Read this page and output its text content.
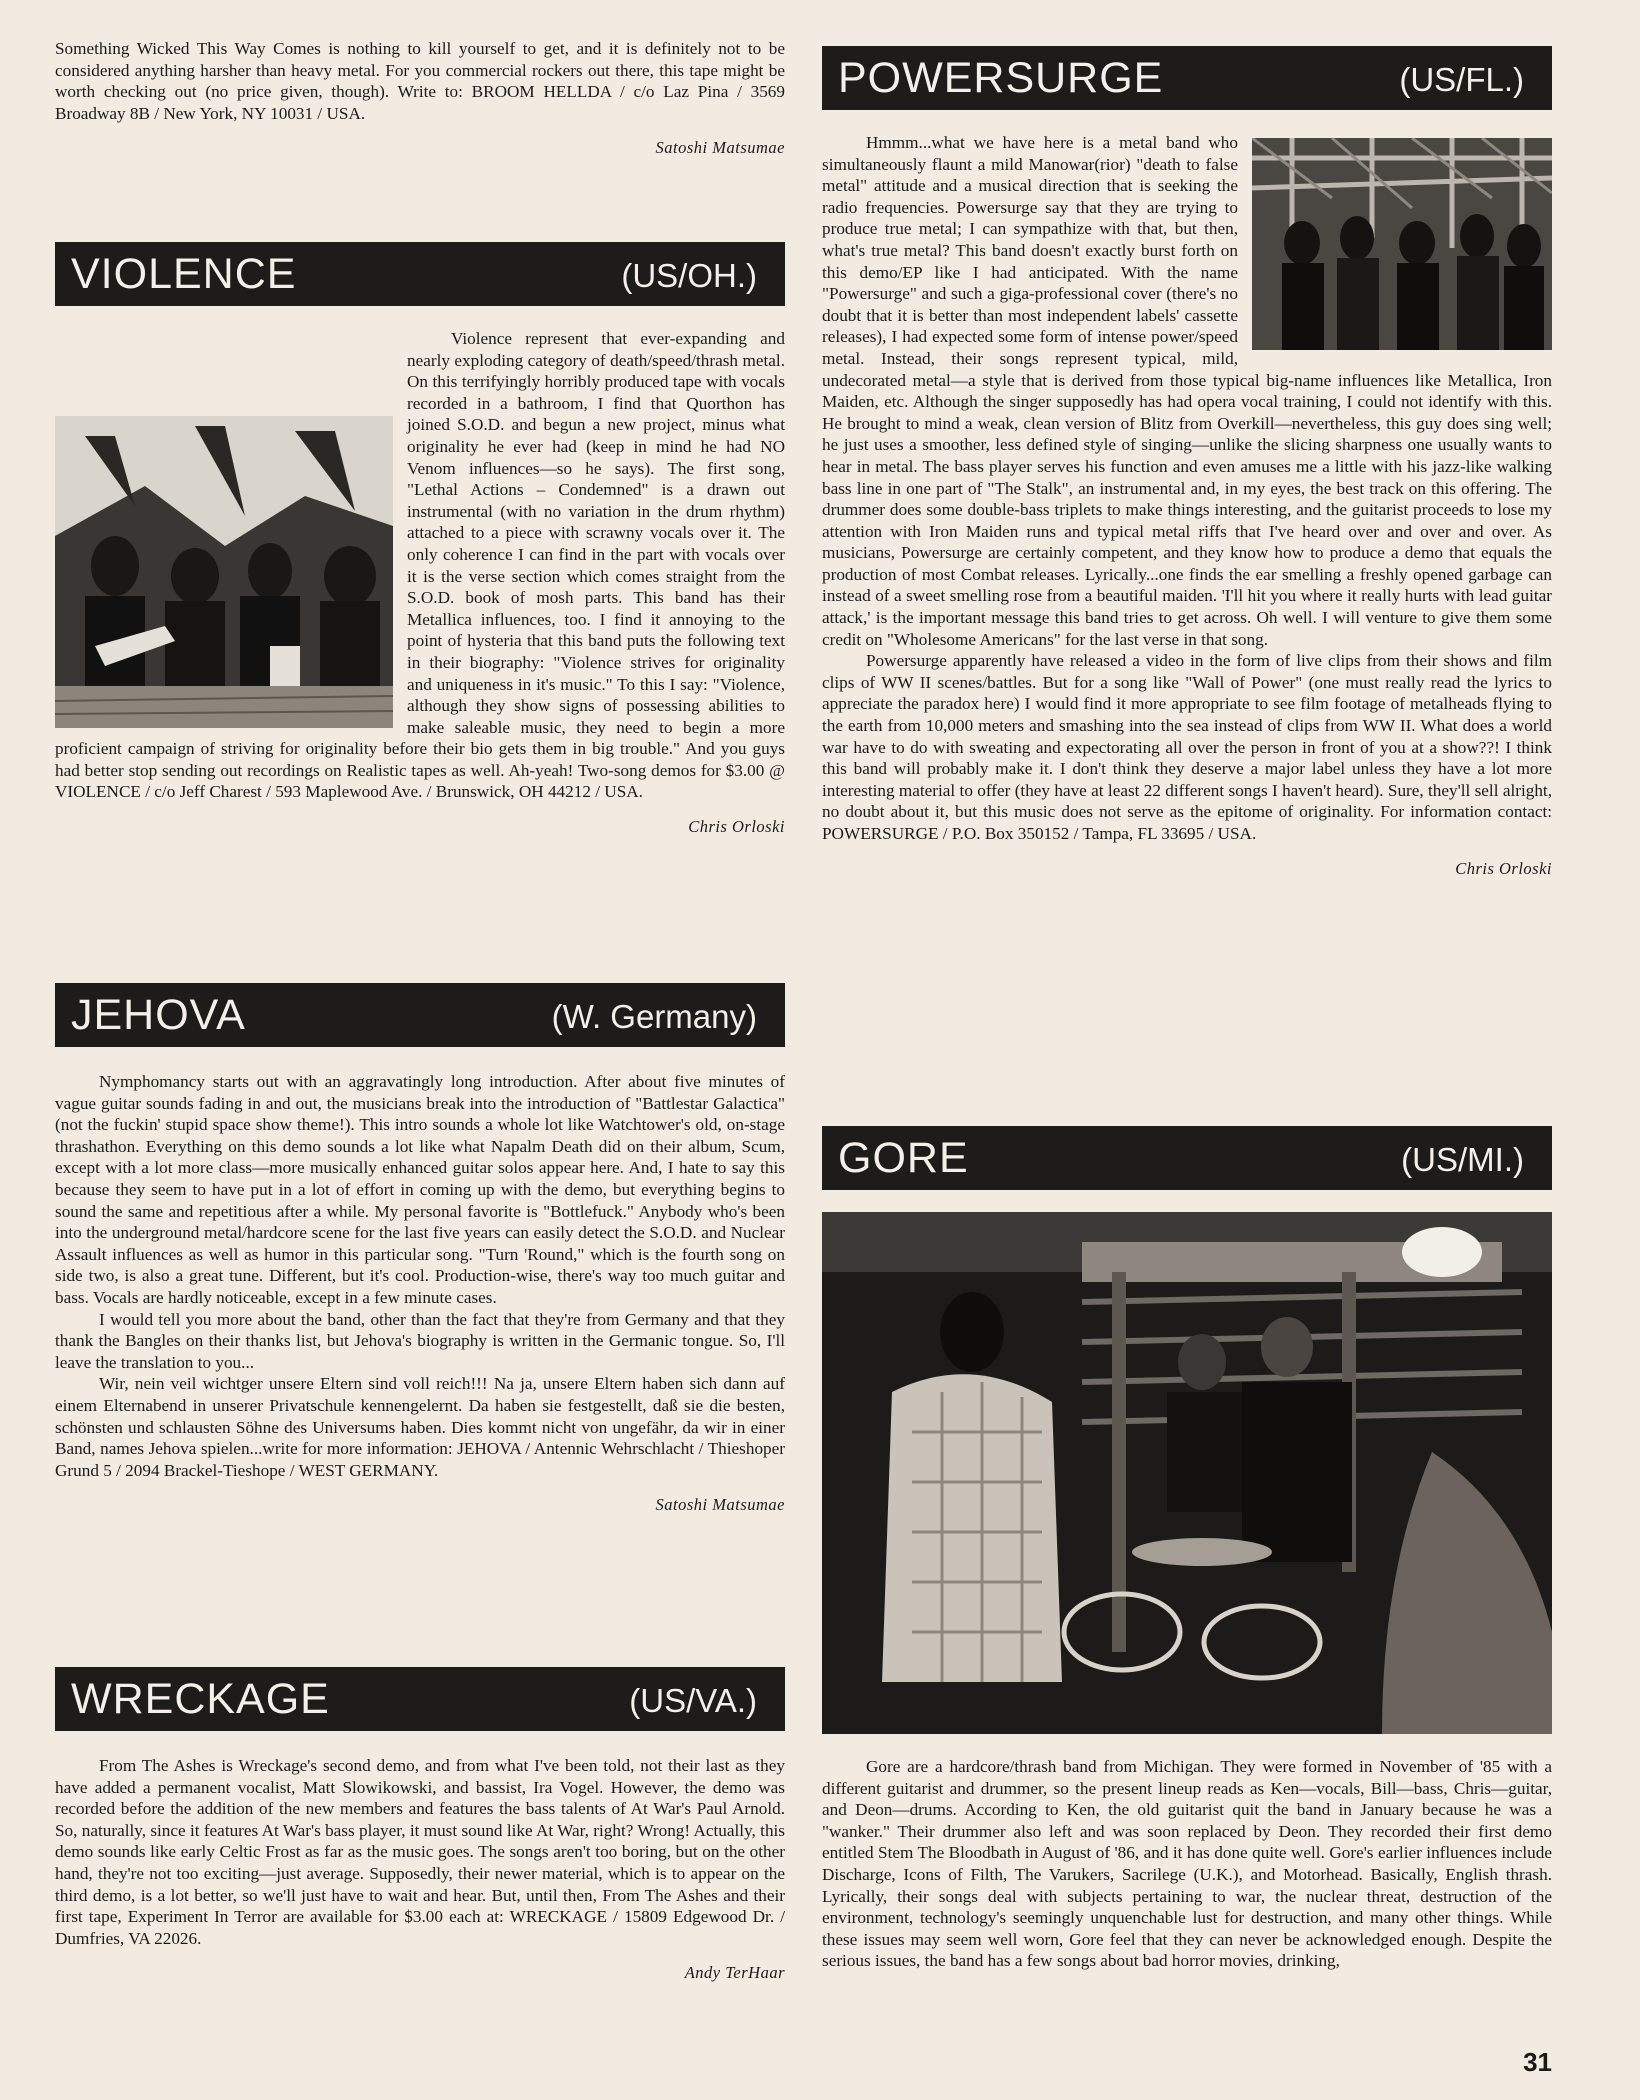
Something Wicked This Way Comes is nothing to kill yourself to get, and it is definitely not to be considered anything harsher than heavy metal. For you commercial rockers out there, this tape might be worth checking out (no price given, though). Write to: BROOM HELLDA / c/o Laz Pina / 3569 Broadway 8B / New York, NY 10031 / USA.

Satoshi Matsumae
VIOLENCE	(US/OH.)

Violence represent that ever-expanding and nearly exploding category of death/speed/thrash metal. On this terrifyingly horribly produced tape with vocals recorded in a bathroom, I find that Quorthon has joined S.O.D. and begun a new project, minus what originality he ever had (keep in mind he had NO Venom influences—so he says). The first song, "Lethal Actions – Condemned" is a drawn out instrumental (with no variation in the drum rhythm) attached to a piece with scrawny vocals over it. The only coherence I can find in the part with vocals over it is the verse section which comes straight from the S.O.D. book of mosh parts. This band has their Metallica influences, too. I find it annoying to the point of hysteria that this band puts the following text in their biography: "Violence strives for originality and uniqueness in it's music." To this I say: "Violence, although they show signs of possessing abilities to make saleable music, they need to begin a more proficient campaign of striving for originality before their bio gets them in big trouble." And you guys had better stop sending out recordings on Realistic tapes as well. Ah-yeah! Two-song demos for $3.00 @ VIOLENCE / c/o Jeff Charest / 593 Maplewood Ave. / Brunswick, OH 44212 / USA.

Chris Orloski
JEHOVA	(W. Germany)

Nymphomancy starts out with an aggravatingly long introduction. After about five minutes of vague guitar sounds fading in and out, the musicians break into the introduction of "Battlestar Galactica" (not the fuckin' stupid space show theme!). This intro sounds a whole lot like Watchtower's old, on-stage thrashathon. Everything on this demo sounds a lot like what Napalm Death did on their album, Scum, except with a lot more class—more musically enhanced guitar solos appear here. And, I hate to say this because they seem to have put in a lot of effort in coming up with the demo, but everything begins to sound the same and repetitious after a while. My personal favorite is "Bottlefuck." Anybody who's been into the underground metal/hardcore scene for the last five years can easily detect the S.O.D. and Nuclear Assault influences as well as humor in this particular song. "Turn 'Round," which is the fourth song on side two, is also a great tune. Different, but it's cool. Production-wise, there's way too much guitar and bass. Vocals are hardly noticeable, except in a few minute cases.

I would tell you more about the band, other than the fact that they're from Germany and that they thank the Bangles on their thanks list, but Jehova's biography is written in the Germanic tongue. So, I'll leave the translation to you...

Wir, nein veil wichtger unsere Eltern sind voll reich!!! Na ja, unsere Eltern haben sich dann auf einem Elternabend in unserer Privatschule kennengelernt. Da haben sie festgestellt, daß sie die besten, schönsten und schlausten Söhne des Universums haben. Dies kommt nicht von ungefähr, da wir in einer Band, names Jehova spielen...write for more information: JEHOVA / Antennic Wehrschlacht / Thieshoper Grund 5 / 2094 Brackel-Tieshope / WEST GERMANY.

Satoshi Matsumae
WRECKAGE	(US/VA.)

From The Ashes is Wreckage's second demo, and from what I've been told, not their last as they have added a permanent vocalist, Matt Slowikowski, and bassist, Ira Vogel. However, the demo was recorded before the addition of the new members and features the bass talents of At War's Paul Arnold. So, naturally, since it features At War's bass player, it must sound like At War, right? Wrong! Actually, this demo sounds like early Celtic Frost as far as the music goes. The songs aren't too boring, but on the other hand, they're not too exciting—just average. Supposedly, their newer material, which is to appear on the third demo, is a lot better, so we'll just have to wait and hear. But, until then, From The Ashes and their first tape, Experiment In Terror are available for $3.00 each at: WRECKAGE / 15809 Edgewood Dr. / Dumfries, VA 22026.

Andy TerHaar
POWERSURGE	(US/FL.)

Hmmm...what we have here is a metal band who simultaneously flaunt a mild Manowar(rior) "death to false metal" attitude and a musical direction that is seeking the radio frequencies. Powersurge say that they are trying to produce true metal; I can sympathize with that, but then, what's true metal? This band doesn't exactly burst forth on this demo/EP like I had anticipated. With the name "Powersurge" and such a giga-professional cover (there's no doubt that it is better than most independent labels' cassette releases), I had expected some form of intense power/speed metal. Instead, their songs represent typical, mild, undecorated metal—a style that is derived from those typical big-name influences like Metallica, Iron Maiden, etc. Although the singer supposedly has had opera vocal training, I could not identify with this. He brought to mind a weak, clean version of Blitz from Overkill—nevertheless, this guy does sing well; he just uses a smoother, less defined style of singing—unlike the slicing sharpness one usually wants to hear in metal. The bass player serves his function and even amuses me a little with his jazz-like walking bass line in one part of "The Stalk", an instrumental and, in my eyes, the best track on this offering. The drummer does some double-bass triplets to make things interesting, and the guitarist proceeds to lose my attention with Iron Maiden runs and typical metal riffs that I've heard over and over and over. As musicians, Powersurge are certainly competent, and they know how to produce a demo that equals the production of most Combat releases. Lyrically...one finds the ear smelling a freshly opened garbage can instead of a sweet smelling rose from a beautiful maiden. 'I'll hit you where it really hurts with lead guitar attack,' is the important message this band tries to get across. Oh well. I will venture to give them some credit on "Wholesome Americans" for the last verse in that song.

Powersurge apparently have released a video in the form of live clips from their shows and film clips of WW II scenes/battles. But for a song like "Wall of Power" (one must really read the lyrics to appreciate the paradox here) I would find it more appropriate to see film footage of metalheads flying to the earth from 10,000 meters and smashing into the sea instead of clips from WW II. What does a world war have to do with sweating and expectorating all over the person in front of you at a show??! I think this band will probably make it. I don't think they deserve a major label unless they have a lot more interesting material to offer (they have at least 22 different songs I haven't heard). Sure, they'll sell alright, no doubt about it, but this music does not serve as the epitome of originality. For information contact: POWERSURGE / P.O. Box 350152 / Tampa, FL 33695 / USA.

Chris Orloski
GORE	(US/MI.)

Gore are a hardcore/thrash band from Michigan. They were formed in November of '85 with a different guitarist and drummer, so the present lineup reads as Ken—vocals, Bill—bass, Chris—guitar, and Deon—drums. According to Ken, the old guitarist quit the band in January because he was a "wanker." Their drummer also left and was soon replaced by Deon. They recorded their first demo entitled Stem The Bloodbath in August of '86, and it has done quite well. Gore's earlier influences include Discharge, Icons of Filth, The Varukers, Sacrilege (U.K.), and Motorhead. Basically, English thrash. Lyrically, their songs deal with subjects pertaining to war, the nuclear threat, destruction of the environment, technology's seemingly unquenchable lust for destruction, and many other things. While these issues may seem well worn, Gore feel that they can never be acknowledged enough. Despite the serious issues, the band has a few songs about bad horror movies, drinking,

31
